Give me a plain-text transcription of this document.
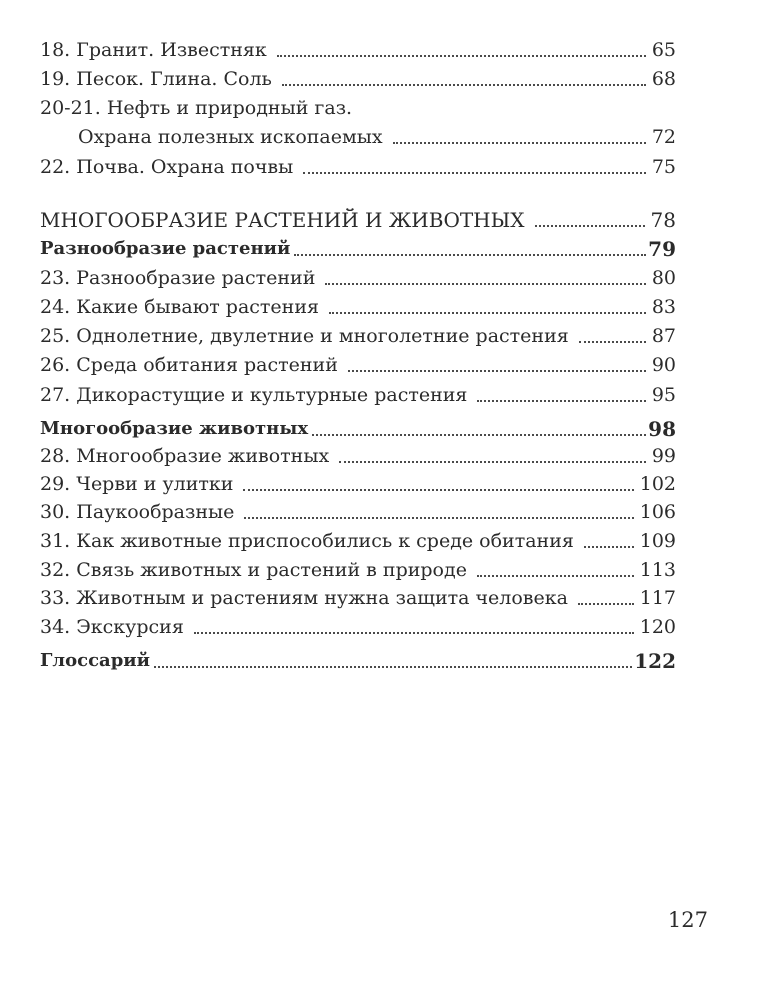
18. Гранит. Известняк	65
19. Песок. Глина. Соль	68
20-21. Нефть и природный газ.
Охрана полезных ископаемых	72
22. Почва. Охрана почвы	75
МНОГООБРАЗИЕ РАСТЕНИЙ И ЖИВОТНЫХ	78
Разнообразие растений	79
23. Разнообразие растений	80
24. Какие бывают растения	83
25. Однолетние, двулетние и многолетние растения	87
26. Среда обитания растений	90
27. Дикорастущие и культурные растения	95
Многообразие животных	98
28. Многообразие животных	99
29. Черви и улитки	102
30. Паукообразные	106
31. Как животные приспособились к среде обитания	109
32. Связь животных и растений в природе	113
33. Животным и растениям нужна защита человека	117
34. Экскурсия	120
Глоссарий	122
127
